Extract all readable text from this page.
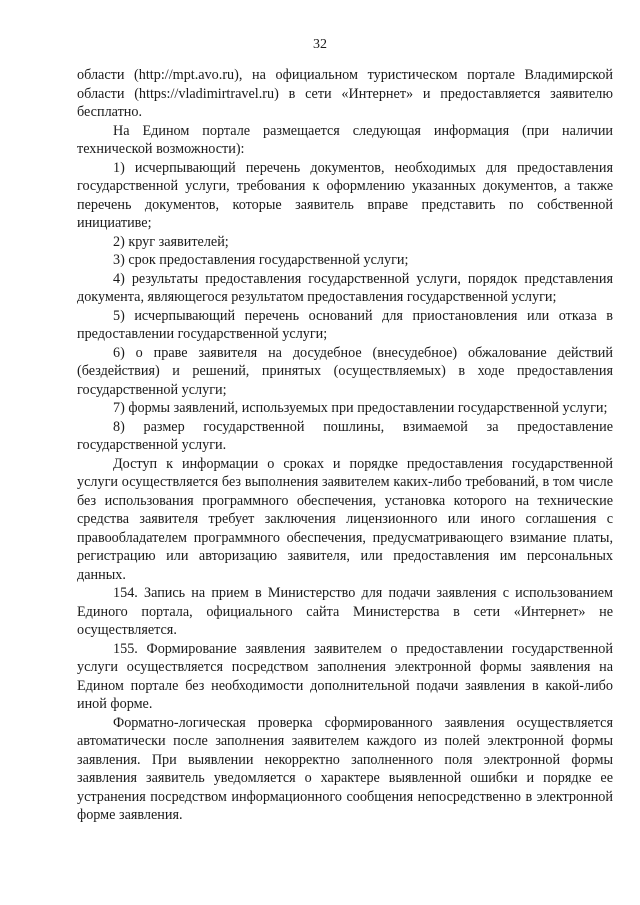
32

области (http://mpt.avo.ru), на официальном туристическом портале Владимирской области (https://vladimirtravel.ru) в сети «Интернет» и предоставляется заявителю бесплатно.

На Едином портале размещается следующая информация (при наличии технической возможности):

1) исчерпывающий перечень документов, необходимых для предоставления государственной услуги, требования к оформлению указанных документов, а также перечень документов, которые заявитель вправе представить по собственной инициативе;

2) круг заявителей;

3) срок предоставления государственной услуги;

4) результаты предоставления государственной услуги, порядок представления документа, являющегося результатом предоставления государственной услуги;

5) исчерпывающий перечень оснований для приостановления или отказа в предоставлении государственной услуги;

6) о праве заявителя на досудебное (внесудебное) обжалование действий (бездействия) и решений, принятых (осуществляемых) в ходе предоставления государственной услуги;

7) формы заявлений, используемых при предоставлении государственной услуги;

8) размер государственной пошлины, взимаемой за предоставление государственной услуги.

Доступ к информации о сроках и порядке предоставления государственной услуги осуществляется без выполнения заявителем каких-либо требований, в том числе без использования программного обеспечения, установка которого на технические средства заявителя требует заключения лицензионного или иного соглашения с правообладателем программного обеспечения, предусматривающего взимание платы, регистрацию или авторизацию заявителя, или предоставления им персональных данных.

154. Запись на прием в Министерство для подачи заявления с использованием Единого портала, официального сайта Министерства в сети «Интернет» не осуществляется.

155. Формирование заявления заявителем о предоставлении государственной услуги осуществляется посредством заполнения электронной формы заявления на Едином портале без необходимости дополнительной подачи заявления в какой-либо иной форме.

Форматно-логическая проверка сформированного заявления осуществляется автоматически после заполнения заявителем каждого из полей электронной формы заявления. При выявлении некорректно заполненного поля электронной формы заявления заявитель уведомляется о характере выявленной ошибки и порядке ее устранения посредством информационного сообщения непосредственно в электронной форме заявления.
